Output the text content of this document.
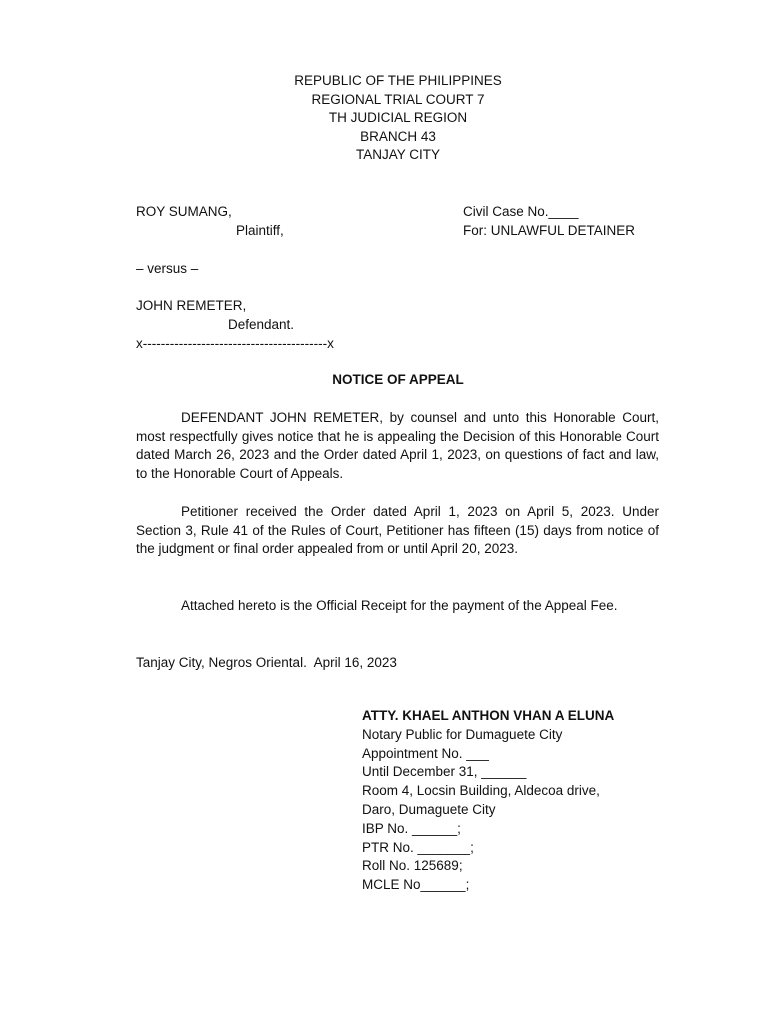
REPUBLIC OF THE PHILIPPINES
REGIONAL TRIAL COURT 7
TH JUDICIAL REGION
BRANCH 43
TANJAY CITY
ROY SUMANG,
Plaintiff,
Civil Case No.____
For: UNLAWFUL DETAINER
– versus –
JOHN REMETER,
Defendant.
x-----------------------------------------x
NOTICE OF APPEAL
DEFENDANT JOHN REMETER, by counsel and unto this Honorable Court, most respectfully gives notice that he is appealing the Decision of this Honorable Court dated March 26, 2023 and the Order dated April 1, 2023, on questions of fact and law, to the Honorable Court of Appeals.
Petitioner received the Order dated April 1, 2023 on April 5, 2023. Under Section 3, Rule 41 of the Rules of Court, Petitioner has fifteen (15) days from notice of the judgment or final order appealed from or until April 20, 2023.
Attached hereto is the Official Receipt for the payment of the Appeal Fee.
Tanjay City, Negros Oriental.  April 16, 2023
ATTY. KHAEL ANTHON VHAN A ELUNA
Notary Public for Dumaguete City
Appointment No. ___
Until December 31, ______
Room 4, Locsin Building, Aldecoa drive,
Daro, Dumaguete City
IBP No. ______;
PTR No. _______;
Roll No. 125689;
MCLE No______;
